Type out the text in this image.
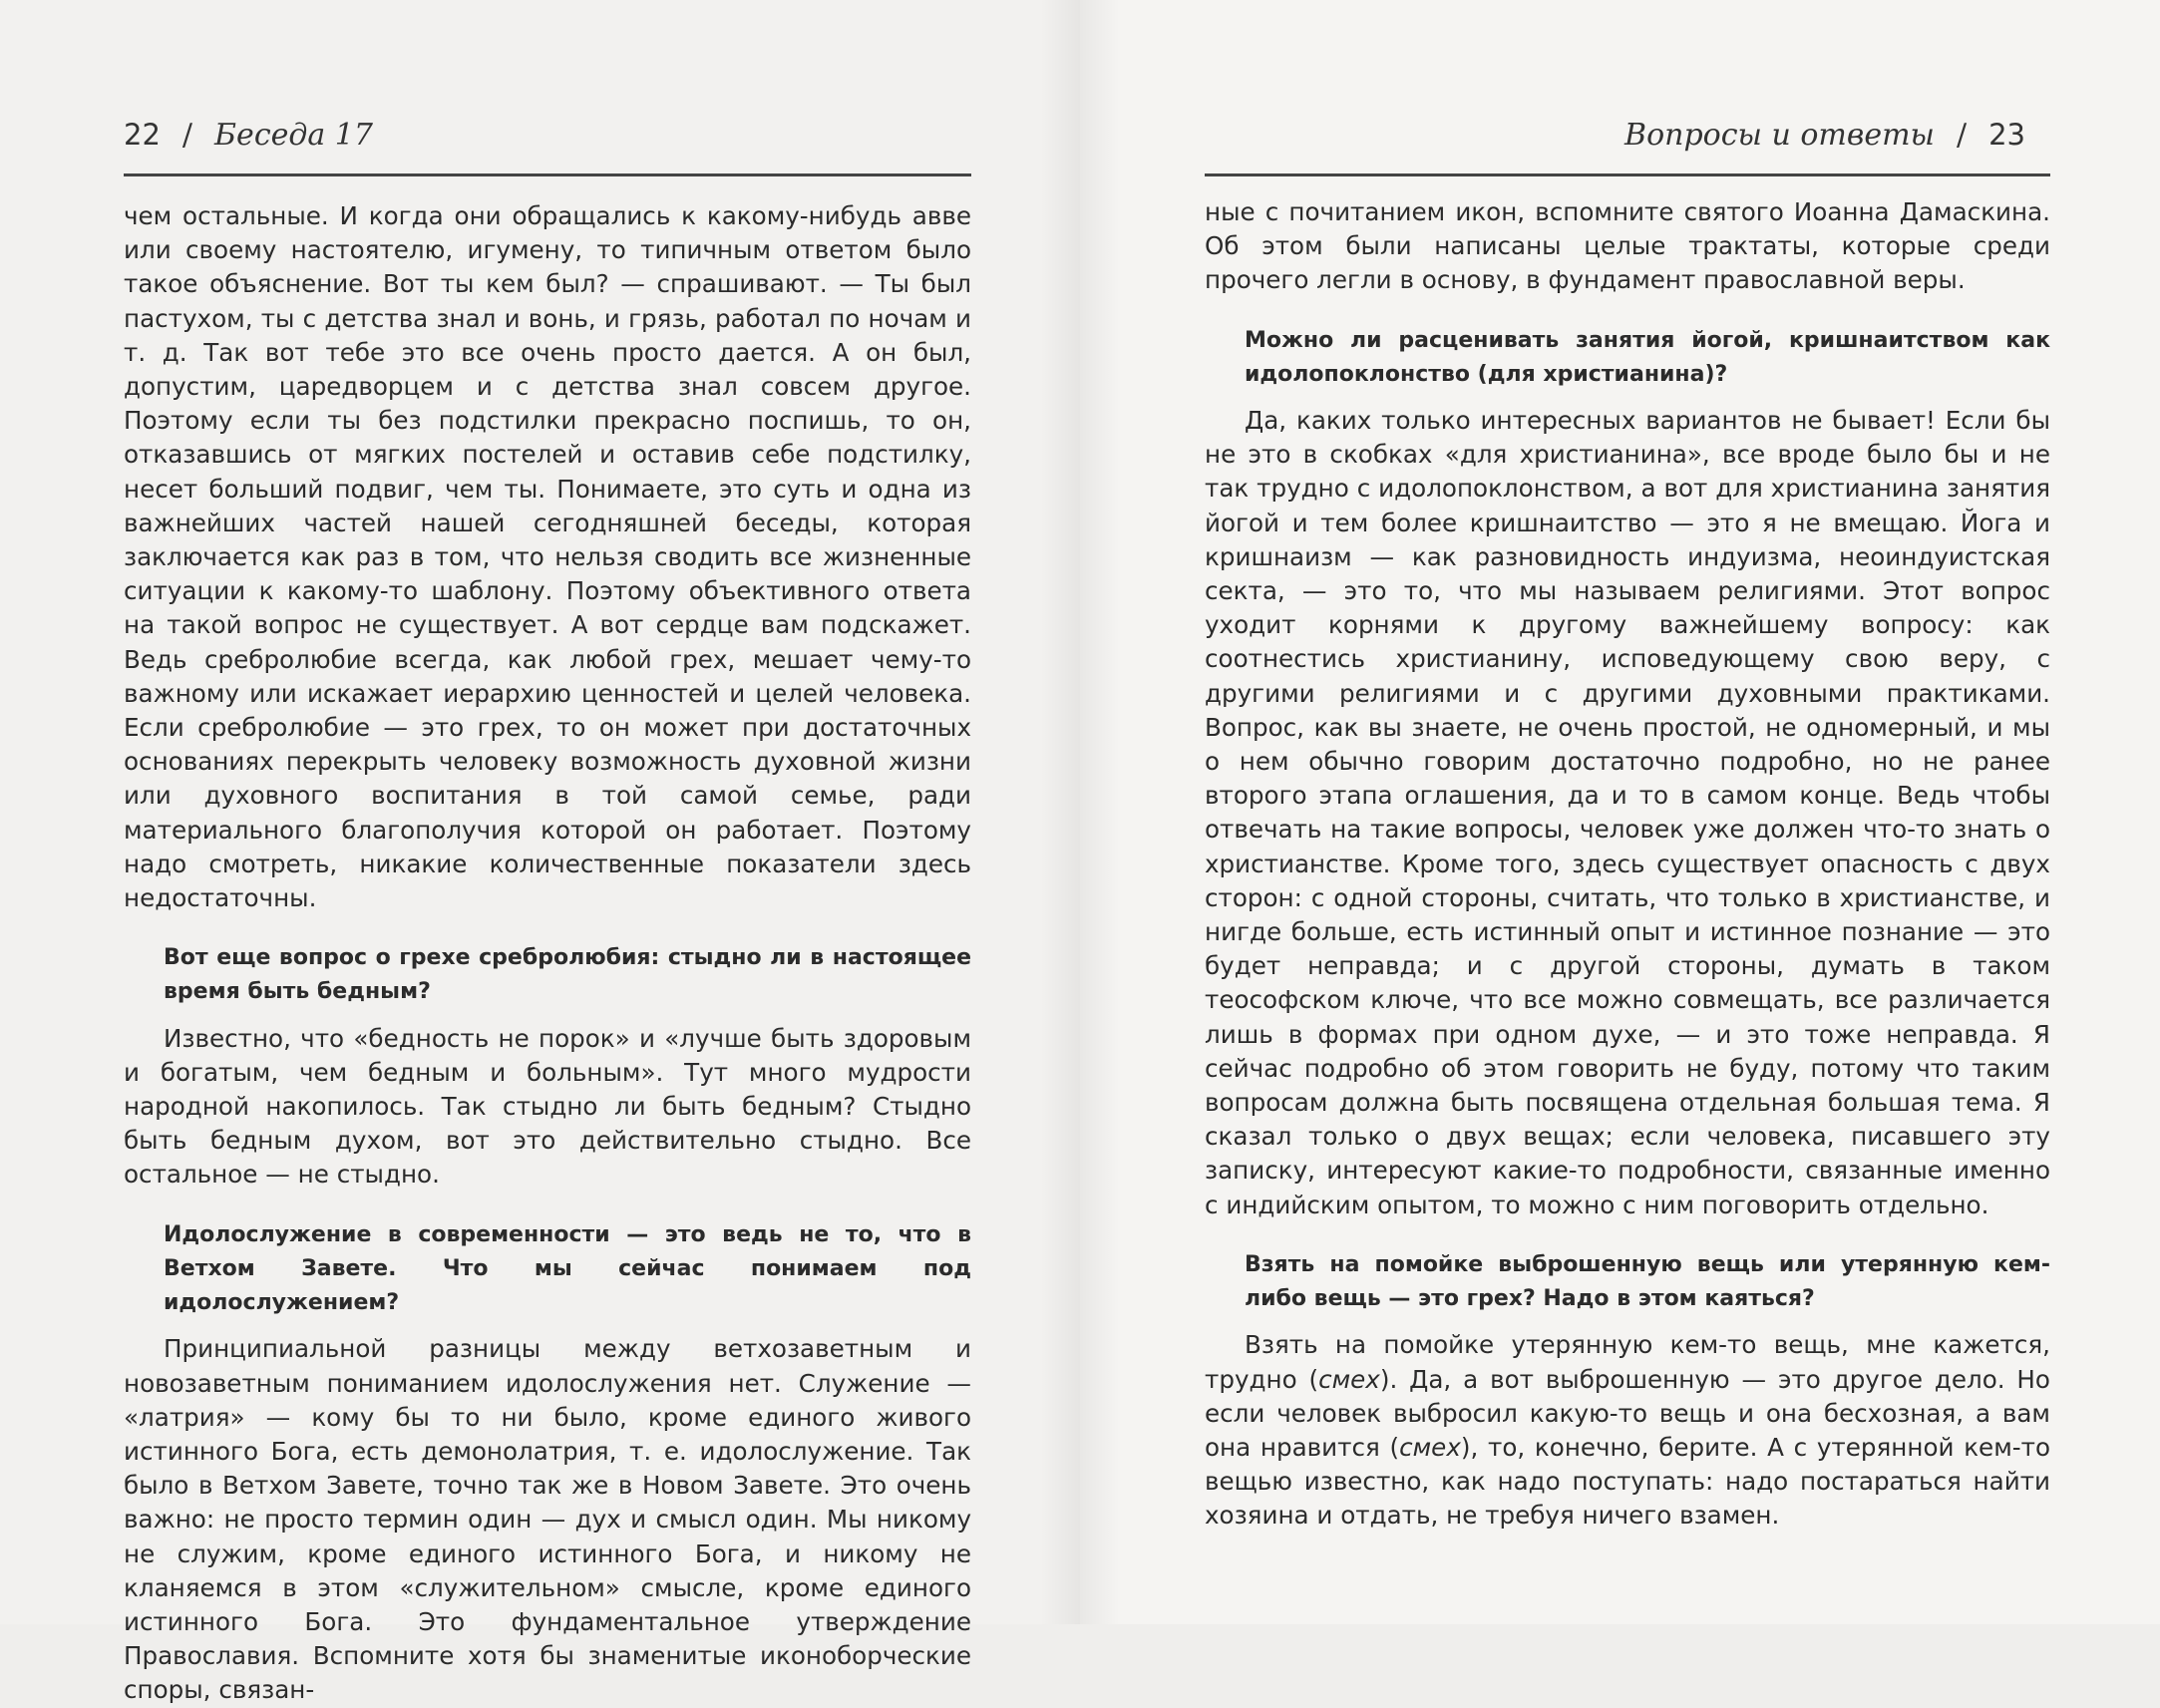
22 / Беседа 17

чем остальные. И когда они обращались к какому-нибудь авве или своему настоятелю, игумену, то типичным ответом было такое объяснение. Вот ты кем был? — спрашивают. — Ты был пастухом, ты с детства знал и вонь, и грязь, работал по ночам и т. д. Так вот тебе это все очень просто дается. А он был, допустим, царедворцем и с детства знал совсем другое. Поэтому если ты без подстилки прекрасно поспишь, то он, отказавшись от мягких постелей и оставив себе подстилку, несет больший подвиг, чем ты. Понимаете, это суть и одна из важнейших частей нашей сегодняшней беседы, которая заключается как раз в том, что нельзя сводить все жизненные ситуации к какому-то шаблону. Поэтому объективного ответа на такой вопрос не существует. А вот сердце вам подскажет. Ведь сребролюбие всегда, как любой грех, мешает чему-то важному или искажает иерархию ценностей и целей человека. Если сребролюбие — это грех, то он может при достаточных основаниях перекрыть человеку возможность духовной жизни или духовного воспитания в той самой семье, ради материального благополучия которой он работает. Поэтому надо смотреть, никакие количественные показатели здесь недостаточны.

Вот еще вопрос о грехе сребролюбия: стыдно ли в настоящее время быть бедным?

Известно, что «бедность не порок» и «лучше быть здоровым и богатым, чем бедным и больным». Тут много мудрости народной накопилось. Так стыдно ли быть бедным? Стыдно быть бедным духом, вот это действительно стыдно. Все остальное — не стыдно.

Идолослужение в современности — это ведь не то, что в Ветхом Завете. Что мы сейчас понимаем под идолослужением?

Принципиальной разницы между ветхозаветным и новозаветным пониманием идолослужения нет. Служение — «латрия» — кому бы то ни было, кроме единого живого истинного Бога, есть демонолатрия, т. е. идолослужение. Так было в Ветхом Завете, точно так же в Новом Завете. Это очень важно: не просто термин один — дух и смысл один. Мы никому не служим, кроме единого истинного Бога, и никому не кланяемся в этом «служительном» смысле, кроме единого истинного Бога. Это фундаментальное утверждение Православия. Вспомните хотя бы знаменитые иконоборческие споры, связан-

Вопросы и ответы / 23

ные с почитанием икон, вспомните святого Иоанна Дамаскина. Об этом были написаны целые трактаты, которые среди прочего легли в основу, в фундамент православной веры.

Можно ли расценивать занятия йогой, кришнаитством как идолопоклонство (для христианина)?

Да, каких только интересных вариантов не бывает! Если бы не это в скобках «для христианина», все вроде было бы и не так трудно с идолопоклонством, а вот для христианина занятия йогой и тем более кришнаитство — это я не вмещаю. Йога и кришнаизм — как разновидность индуизма, неоиндуистская секта, — это то, что мы называем религиями. Этот вопрос уходит корнями к другому важнейшему вопросу: как соотнестись христианину, исповедующему свою веру, с другими религиями и с другими духовными практиками. Вопрос, как вы знаете, не очень простой, не одномерный, и мы о нем обычно говорим достаточно подробно, но не ранее второго этапа оглашения, да и то в самом конце. Ведь чтобы отвечать на такие вопросы, человек уже должен что-то знать о христианстве. Кроме того, здесь существует опасность с двух сторон: с одной стороны, считать, что только в христианстве, и нигде больше, есть истинный опыт и истинное познание — это будет неправда; и с другой стороны, думать в таком теософском ключе, что все можно совмещать, все различается лишь в формах при одном духе, — и это тоже неправда. Я сейчас подробно об этом говорить не буду, потому что таким вопросам должна быть посвящена отдельная большая тема. Я сказал только о двух вещах; если человека, писавшего эту записку, интересуют какие-то подробности, связанные именно с индийским опытом, то можно с ним поговорить отдельно.

Взять на помойке выброшенную вещь или утерянную кем-либо вещь — это грех? Надо в этом каяться?

Взять на помойке утерянную кем-то вещь, мне кажется, трудно (смех). Да, а вот выброшенную — это другое дело. Но если человек выбросил какую-то вещь и она бесхозная, а вам она нравится (смех), то, конечно, берите. А с утерянной кем-то вещью известно, как надо поступать: надо постараться найти хозяина и отдать, не требуя ничего взамен.
